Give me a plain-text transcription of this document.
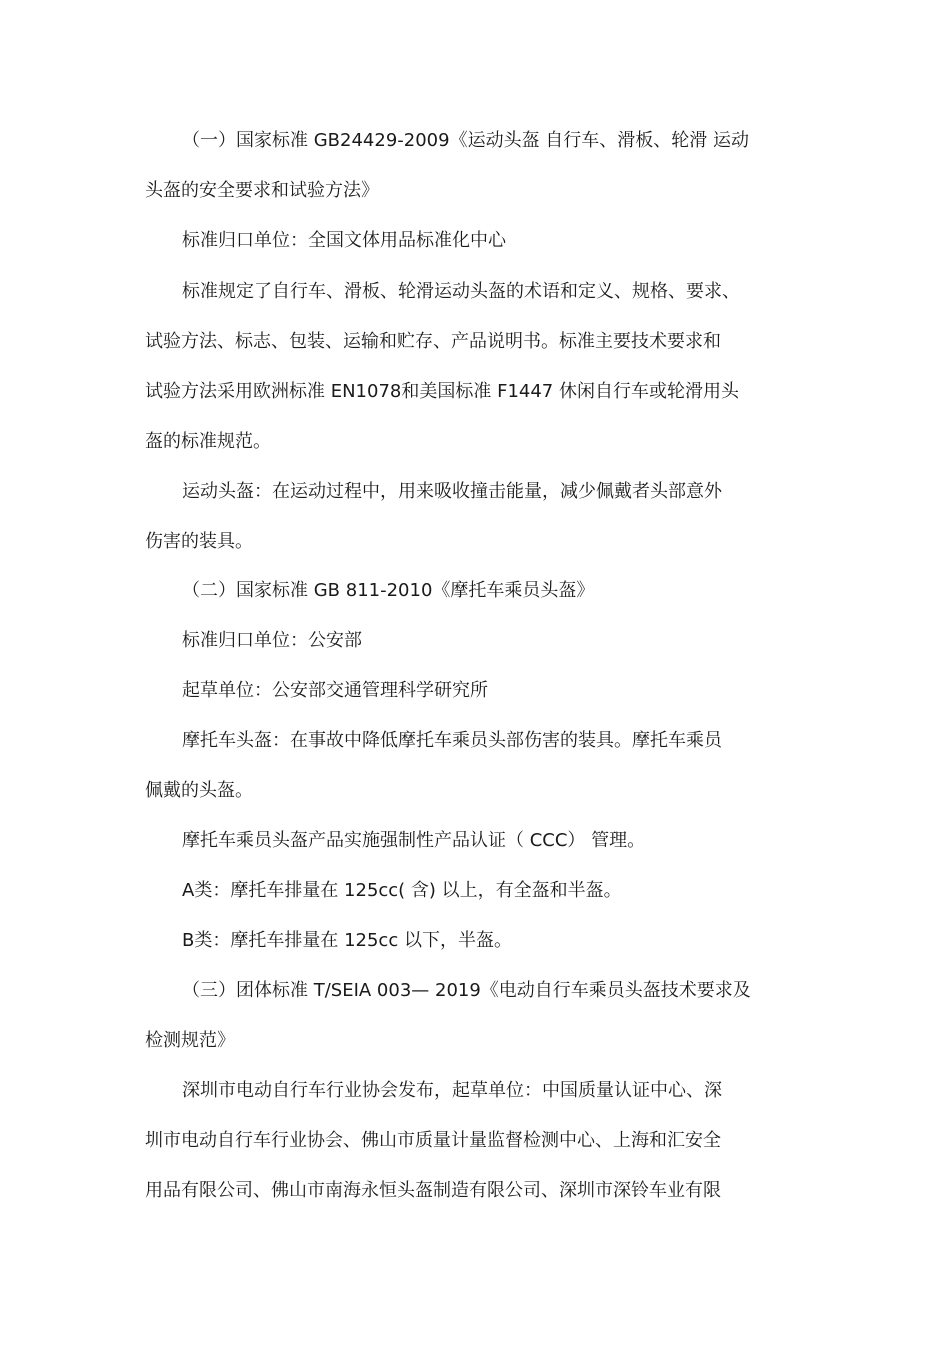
（一）国家标准 GB24429-2009《运动头盔 自行车、滑板、轮滑 运动
头盔的安全要求和试验方法》
标准归口单位：全国文体用品标准化中心
标准规定了自行车、滑板、轮滑运动头盔的术语和定义、规格、要求、
试验方法、标志、包装、运输和贮存、产品说明书。标准主要技术要求和
试验方法采用欧洲标准 EN1078和美国标准 F1447 休闲自行车或轮滑用头
盔的标准规范。
运动头盔：在运动过程中，用来吸收撞击能量，减少佩戴者头部意外
伤害的装具。
（二）国家标准 GB 811-2010《摩托车乘员头盔》
标准归口单位：公安部
起草单位：公安部交通管理科学研究所
摩托车头盔：在事故中降低摩托车乘员头部伤害的装具。摩托车乘员
佩戴的头盔。
摩托车乘员头盔产品实施强制性产品认证（ CCC） 管理。
A类：摩托车排量在 125cc( 含) 以上，有全盔和半盔。
B类：摩托车排量在 125cc 以下，半盔。
（三）团体标准 T/SEIA 003— 2019《电动自行车乘员头盔技术要求及
检测规范》
深圳市电动自行车行业协会发布，起草单位：中国质量认证中心、深
圳市电动自行车行业协会、佛山市质量计量监督检测中心、上海和汇安全
用品有限公司、佛山市南海永恒头盔制造有限公司、深圳市深铃车业有限
